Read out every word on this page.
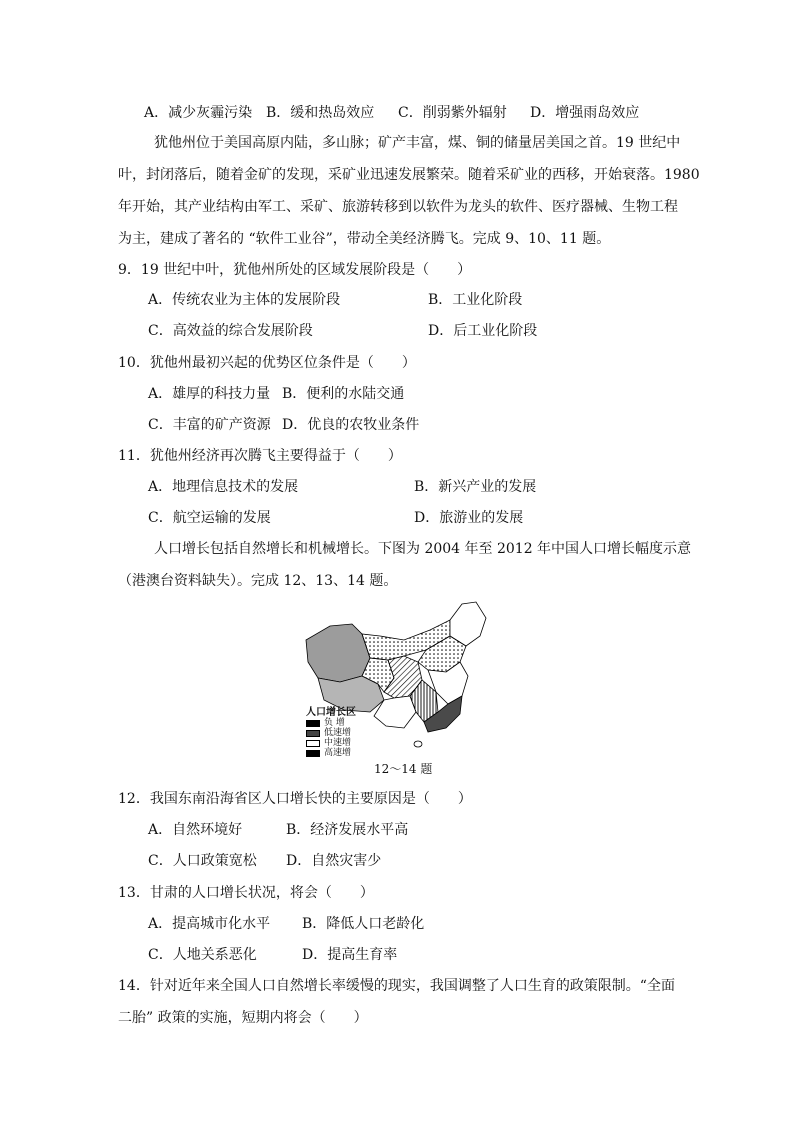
A．减少灰霾污染 B．缓和热岛效应 C．削弱紫外辐射 D．增强雨岛效应
犹他州位于美国高原内陆，多山脉；矿产丰富，煤、铜的储量居美国之首。19 世纪中
叶，封闭落后，随着金矿的发现，采矿业迅速发展繁荣。随着采矿业的西移，开始衰落。1980
年开始，其产业结构由军工、采矿、旅游转移到以软件为龙头的软件、医疗器械、生物工程
为主，建成了著名的 “软件工业谷”，带动全美经济腾飞。完成 9、10、11 题。
9．19 世纪中叶，犹他州所处的区域发展阶段是（　　）
A．传统农业为主体的发展阶段	B．工业化阶段
C．高效益的综合发展阶段	D．后工业化阶段
10．犹他州最初兴起的优势区位条件是（　　）
A．雄厚的科技力量 B．便利的水陆交通
C．丰富的矿产资源 D．优良的农牧业条件
11．犹他州经济再次腾飞主要得益于（　　）
A．地理信息技术的发展	B．新兴产业的发展
C．航空运输的发展	D．旅游业的发展
人口增长包括自然增长和机械增长。下图为 2004 年至 2012 年中国人口增长幅度示意
（港澳台资料缺失）。完成 12、13、14 题。
人口增长区
负 增
低速增
中速增
高速增
12～14 题
12．我国东南沿海省区人口增长快的主要原因是（　　）
A．自然环境好	B．经济发展水平高
C．人口政策宽松 D．自然灾害少
13．甘肃的人口增长状况，将会（　　）
A．提高城市化水平 B．降低人口老龄化
C．人地关系恶化	D．提高生育率
14．针对近年来全国人口自然增长率缓慢的现实，我国调整了人口生育的政策限制。“全面
二胎” 政策的实施，短期内将会（　　）
